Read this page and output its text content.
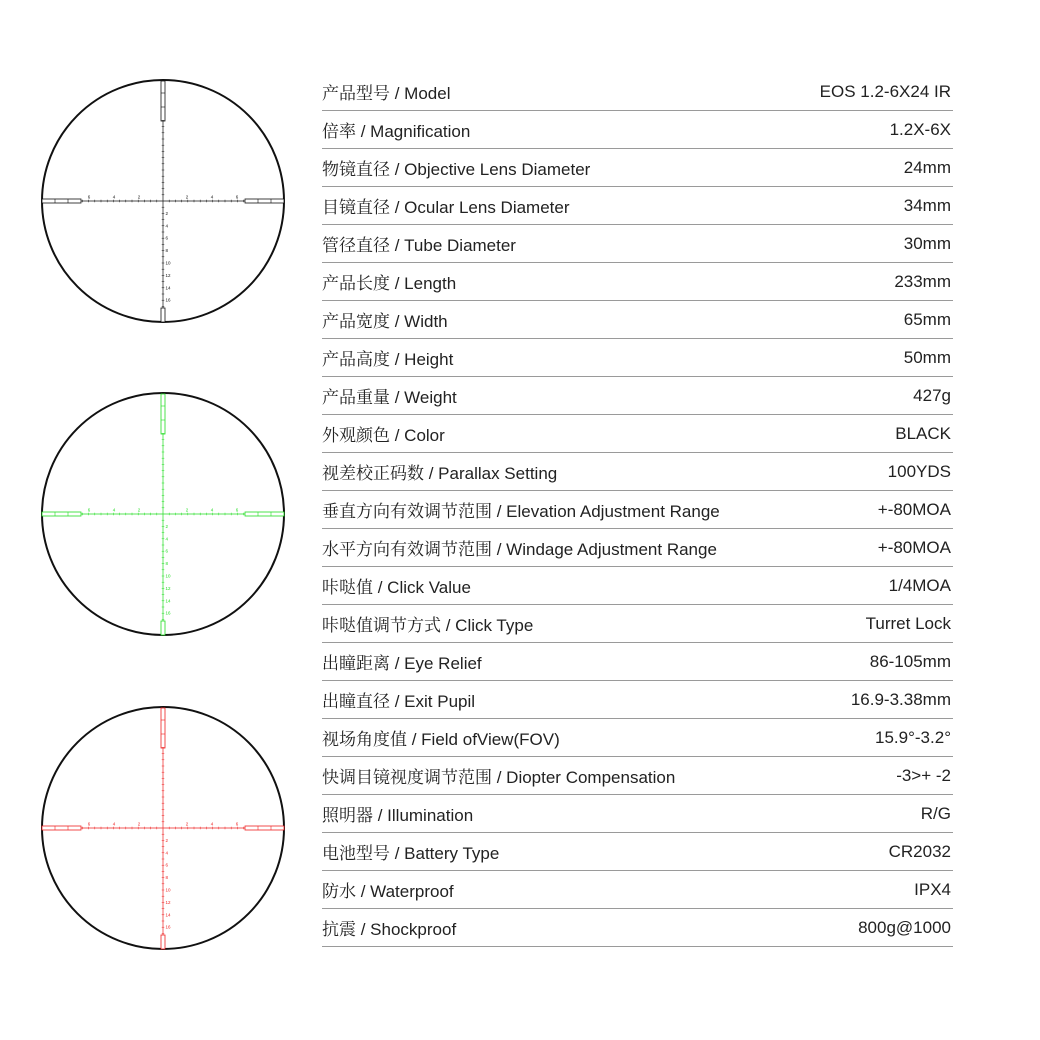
6	4	2	2	4	6
2
4
6
8
10
12
14
16
6	4	2	2	4	6
2
4
6
8
10
12
14
16
6	4	2	2	4	6
2
4
6
8
10
12
14
16
产品型号 / Model	EOS 1.2-6X24 IR
倍率 / Magnification	1.2X-6X
物镜直径 / Objective Lens Diameter	24mm
目镜直径 / Ocular Lens Diameter	34mm
管径直径 / Tube Diameter	30mm
产品长度 / Length	233mm
产品宽度 / Width	65mm
产品高度 / Height	50mm
产品重量 / Weight	427g
外观颜色 / Color	BLACK
视差校正码数 / Parallax Setting	100YDS
垂直方向有效调节范围 / Elevation Adjustment Range	+-80MOA
水平方向有效调节范围 / Windage Adjustment Range	+-80MOA
咔哒值 / Click Value	1/4MOA
咔哒值调节方式 / Click Type	Turret Lock
出瞳距离 / Eye Relief	86-105mm
出瞳直径 / Exit Pupil	16.9-3.38mm
视场角度值 / Field ofView(FOV)	15.9°-3.2°
快调目镜视度调节范围 / Diopter Compensation	-3>+ -2
照明器 / Illumination	R/G
电池型号 / Battery Type	CR2032
防水 / Waterproof	IPX4
抗震 / Shockproof	800g@1000
